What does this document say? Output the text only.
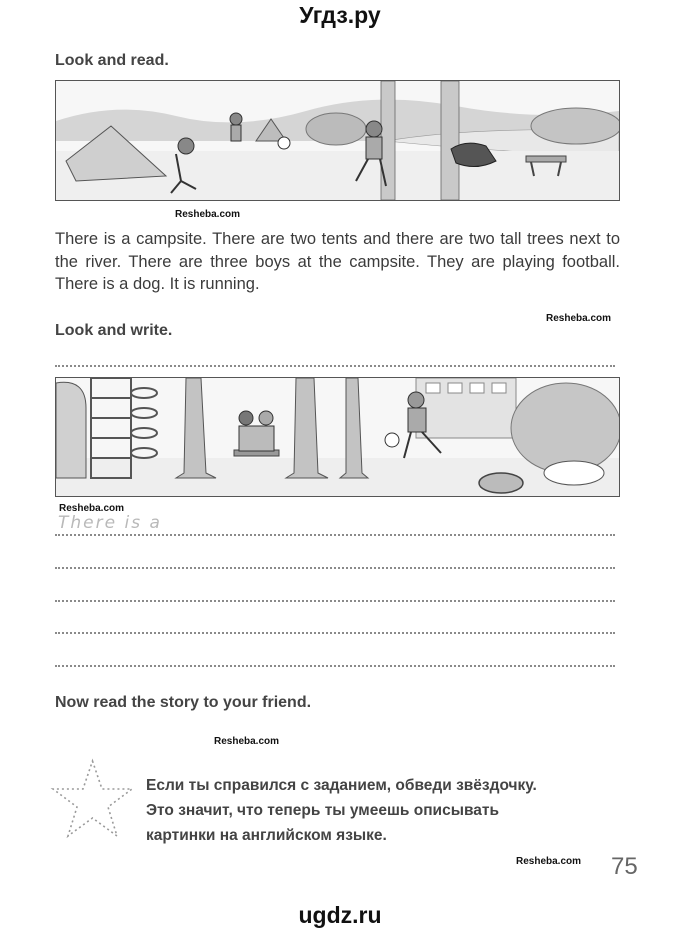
Угдз.ру
Look and read.
Resheba.com
There is a campsite. There are two tents and there are two tall trees next to the river. There are three boys at the campsite. They are playing football. There is a dog. It is running.
Resheba.com
Look and write.
Resheba.com
There is a
Now read the story to your friend.
Resheba.com
Если ты справился с заданием, обведи звёздочку.
Это значит, что теперь ты умеешь описывать
картинки на английском языке.
Resheba.com 75
ugdz.ru
